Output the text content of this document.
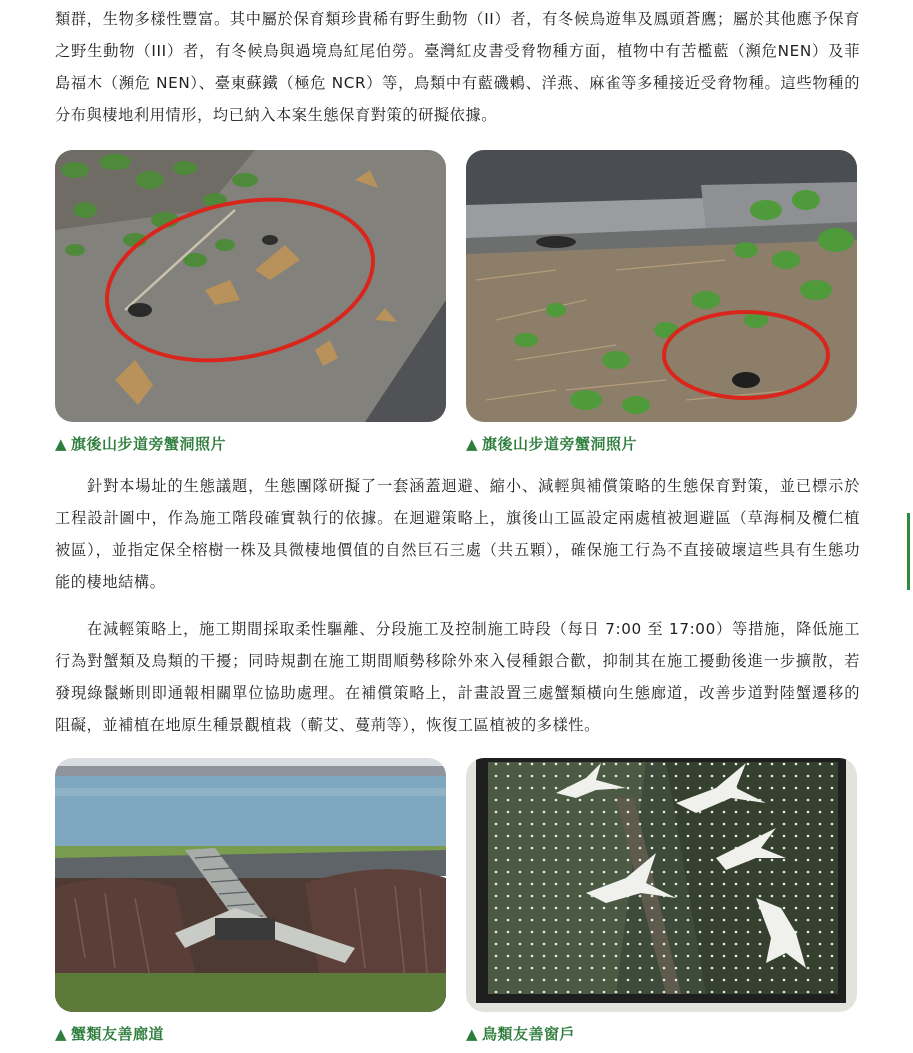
類群，生物多樣性豐富。其中屬於保育類珍貴稀有野生動物（II）者，有冬候鳥遊隼及鳳頭蒼鷹；屬於其他應予保育之野生動物（III）者，有冬候鳥與過境鳥紅尾伯勞。臺灣紅皮書受脅物種方面，植物中有苦檻藍（瀕危NEN）及菲島福木（瀕危 NEN）、臺東蘇鐵（極危 NCR）等，鳥類中有藍磯鶇、洋燕、麻雀等多種接近受脅物種。這些物種的分布與棲地利用情形，均已納入本案生態保育對策的研擬依據。

▲ 旗後山步道旁蟹洞照片	▲ 旗後山步道旁蟹洞照片

針對本場址的生態議題，生態團隊研擬了一套涵蓋迴避、縮小、減輕與補償策略的生態保育對策，並已標示於工程設計圖中，作為施工階段確實執行的依據。在迴避策略上，旗後山工區設定兩處植被迴避區（草海桐及欖仁植被區），並指定保全榕樹一株及具微棲地價值的自然巨石三處（共五顆），確保施工行為不直接破壞這些具有生態功能的棲地結構。

在減輕策略上，施工期間採取柔性驅離、分段施工及控制施工時段（每日 7:00 至 17:00）等措施，降低施工行為對蟹類及鳥類的干擾；同時規劃在施工期間順勢移除外來入侵種銀合歡，抑制其在施工擾動後進一步擴散，若發現綠鬣蜥則即通報相關單位協助處理。在補償策略上，計畫設置三處蟹類橫向生態廊道，改善步道對陸蟹遷移的阻礙，並補植在地原生種景觀植栽（蘄艾、蔓荊等），恢復工區植被的多樣性。

▲ 蟹類友善廊道	▲ 鳥類友善窗戶
